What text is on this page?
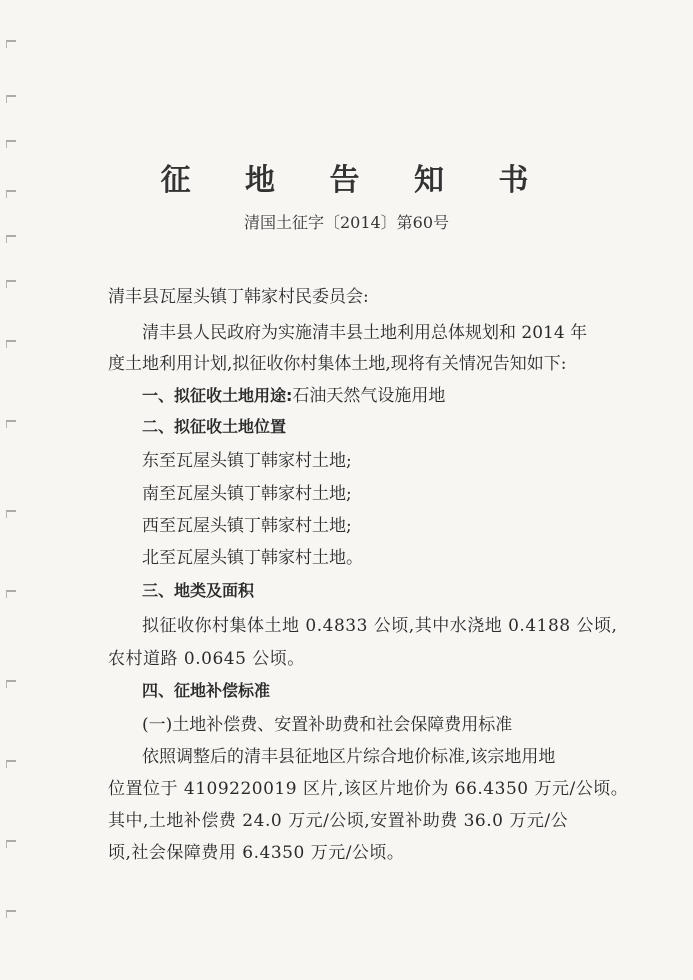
征 地 告 知 书
清国土征字〔2014〕第60号
清丰县瓦屋头镇丁韩家村民委员会:
清丰县人民政府为实施清丰县土地利用总体规划和 2014 年
度土地利用计划,拟征收你村集体土地,现将有关情况告知如下:
一、拟征收土地用途:石油天然气设施用地
二、拟征收土地位置
东至瓦屋头镇丁韩家村土地;
南至瓦屋头镇丁韩家村土地;
西至瓦屋头镇丁韩家村土地;
北至瓦屋头镇丁韩家村土地。
三、地类及面积
拟征收你村集体土地 0.4833 公顷,其中水浇地 0.4188 公顷,
农村道路 0.0645 公顷。
四、征地补偿标准
(一)土地补偿费、安置补助费和社会保障费用标准
依照调整后的清丰县征地区片综合地价标准,该宗地用地
位置位于 4109220019 区片,该区片地价为 66.4350 万元/公顷。
其中,土地补偿费 24.0 万元/公顷,安置补助费 36.0 万元/公
顷,社会保障费用 6.4350 万元/公顷。
